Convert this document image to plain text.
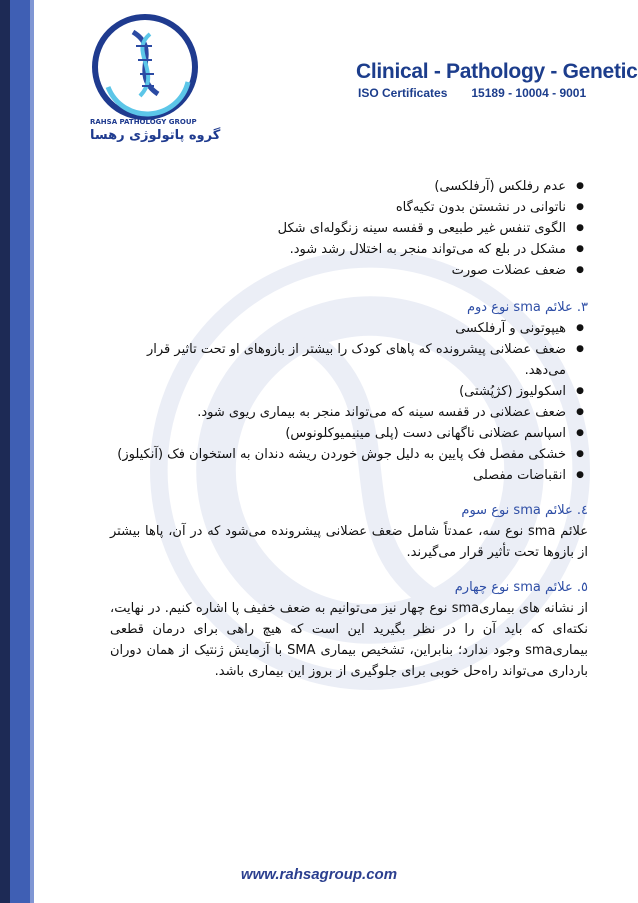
RAHSA PATHOLOGY GROUP
گروه پاتولوژی رهسا
Clinical - Pathology - Genetic
ISO Certificates 15189 - 10004 - 9001
● عدم رفلکس (آرفلکسی)
● ناتوانی در نشستن بدون تکیه‌گاه
● الگوی تنفس غیر طبیعی و قفسه سینه زنگوله‌ای شکل
● مشکل در بلع که می‌تواند منجر به اختلال رشد شود.
● ضعف عضلات صورت

۳. علائم sma نوع دوم

● هیپوتونی و آرفلکسی
● ضعف عضلانی پیشرونده که پاهای کودک را بیشتر از بازوهای او تحت تاثیر قرار می‌دهد.
● اسکولیوز (کژپُشتی)
● ضعف عضلانی در قفسه سینه که می‌تواند منجر به بیماری ریوی شود.
● اسپاسم عضلانی ناگهانی دست (پلی مینیمیوکلونوس)
● خشکی مفصل فک پایین به دلیل جوش خوردن ریشه دندان به استخوان فک (آنکیلوز)
● انقباضات مفصلی

٤. علائم sma نوع سوم

علائم sma نوع سه، عمدتاً شامل ضعف عضلانی پیشرونده می‌شود که در آن، پاها بیشتر از بازوها تحت تأثیر قرار می‌گیرند.

٥. علائم sma نوع چهارم

از نشانه های بیماریsma نوع چهار نیز می‌توانیم به ضعف خفیف پا اشاره کنیم. در نهایت، نکته‌ای که باید آن را در نظر بگیرید این است که هیچ راهی برای درمان قطعی بیماریsma وجود ندارد؛ بنابراین، تشخیص بیماری SMA با آزمایش ژنتیک از همان دوران بارداری می‌تواند راه‌حل خوبی برای جلوگیری از بروز این بیماری باشد.

www.rahsagroup.com
